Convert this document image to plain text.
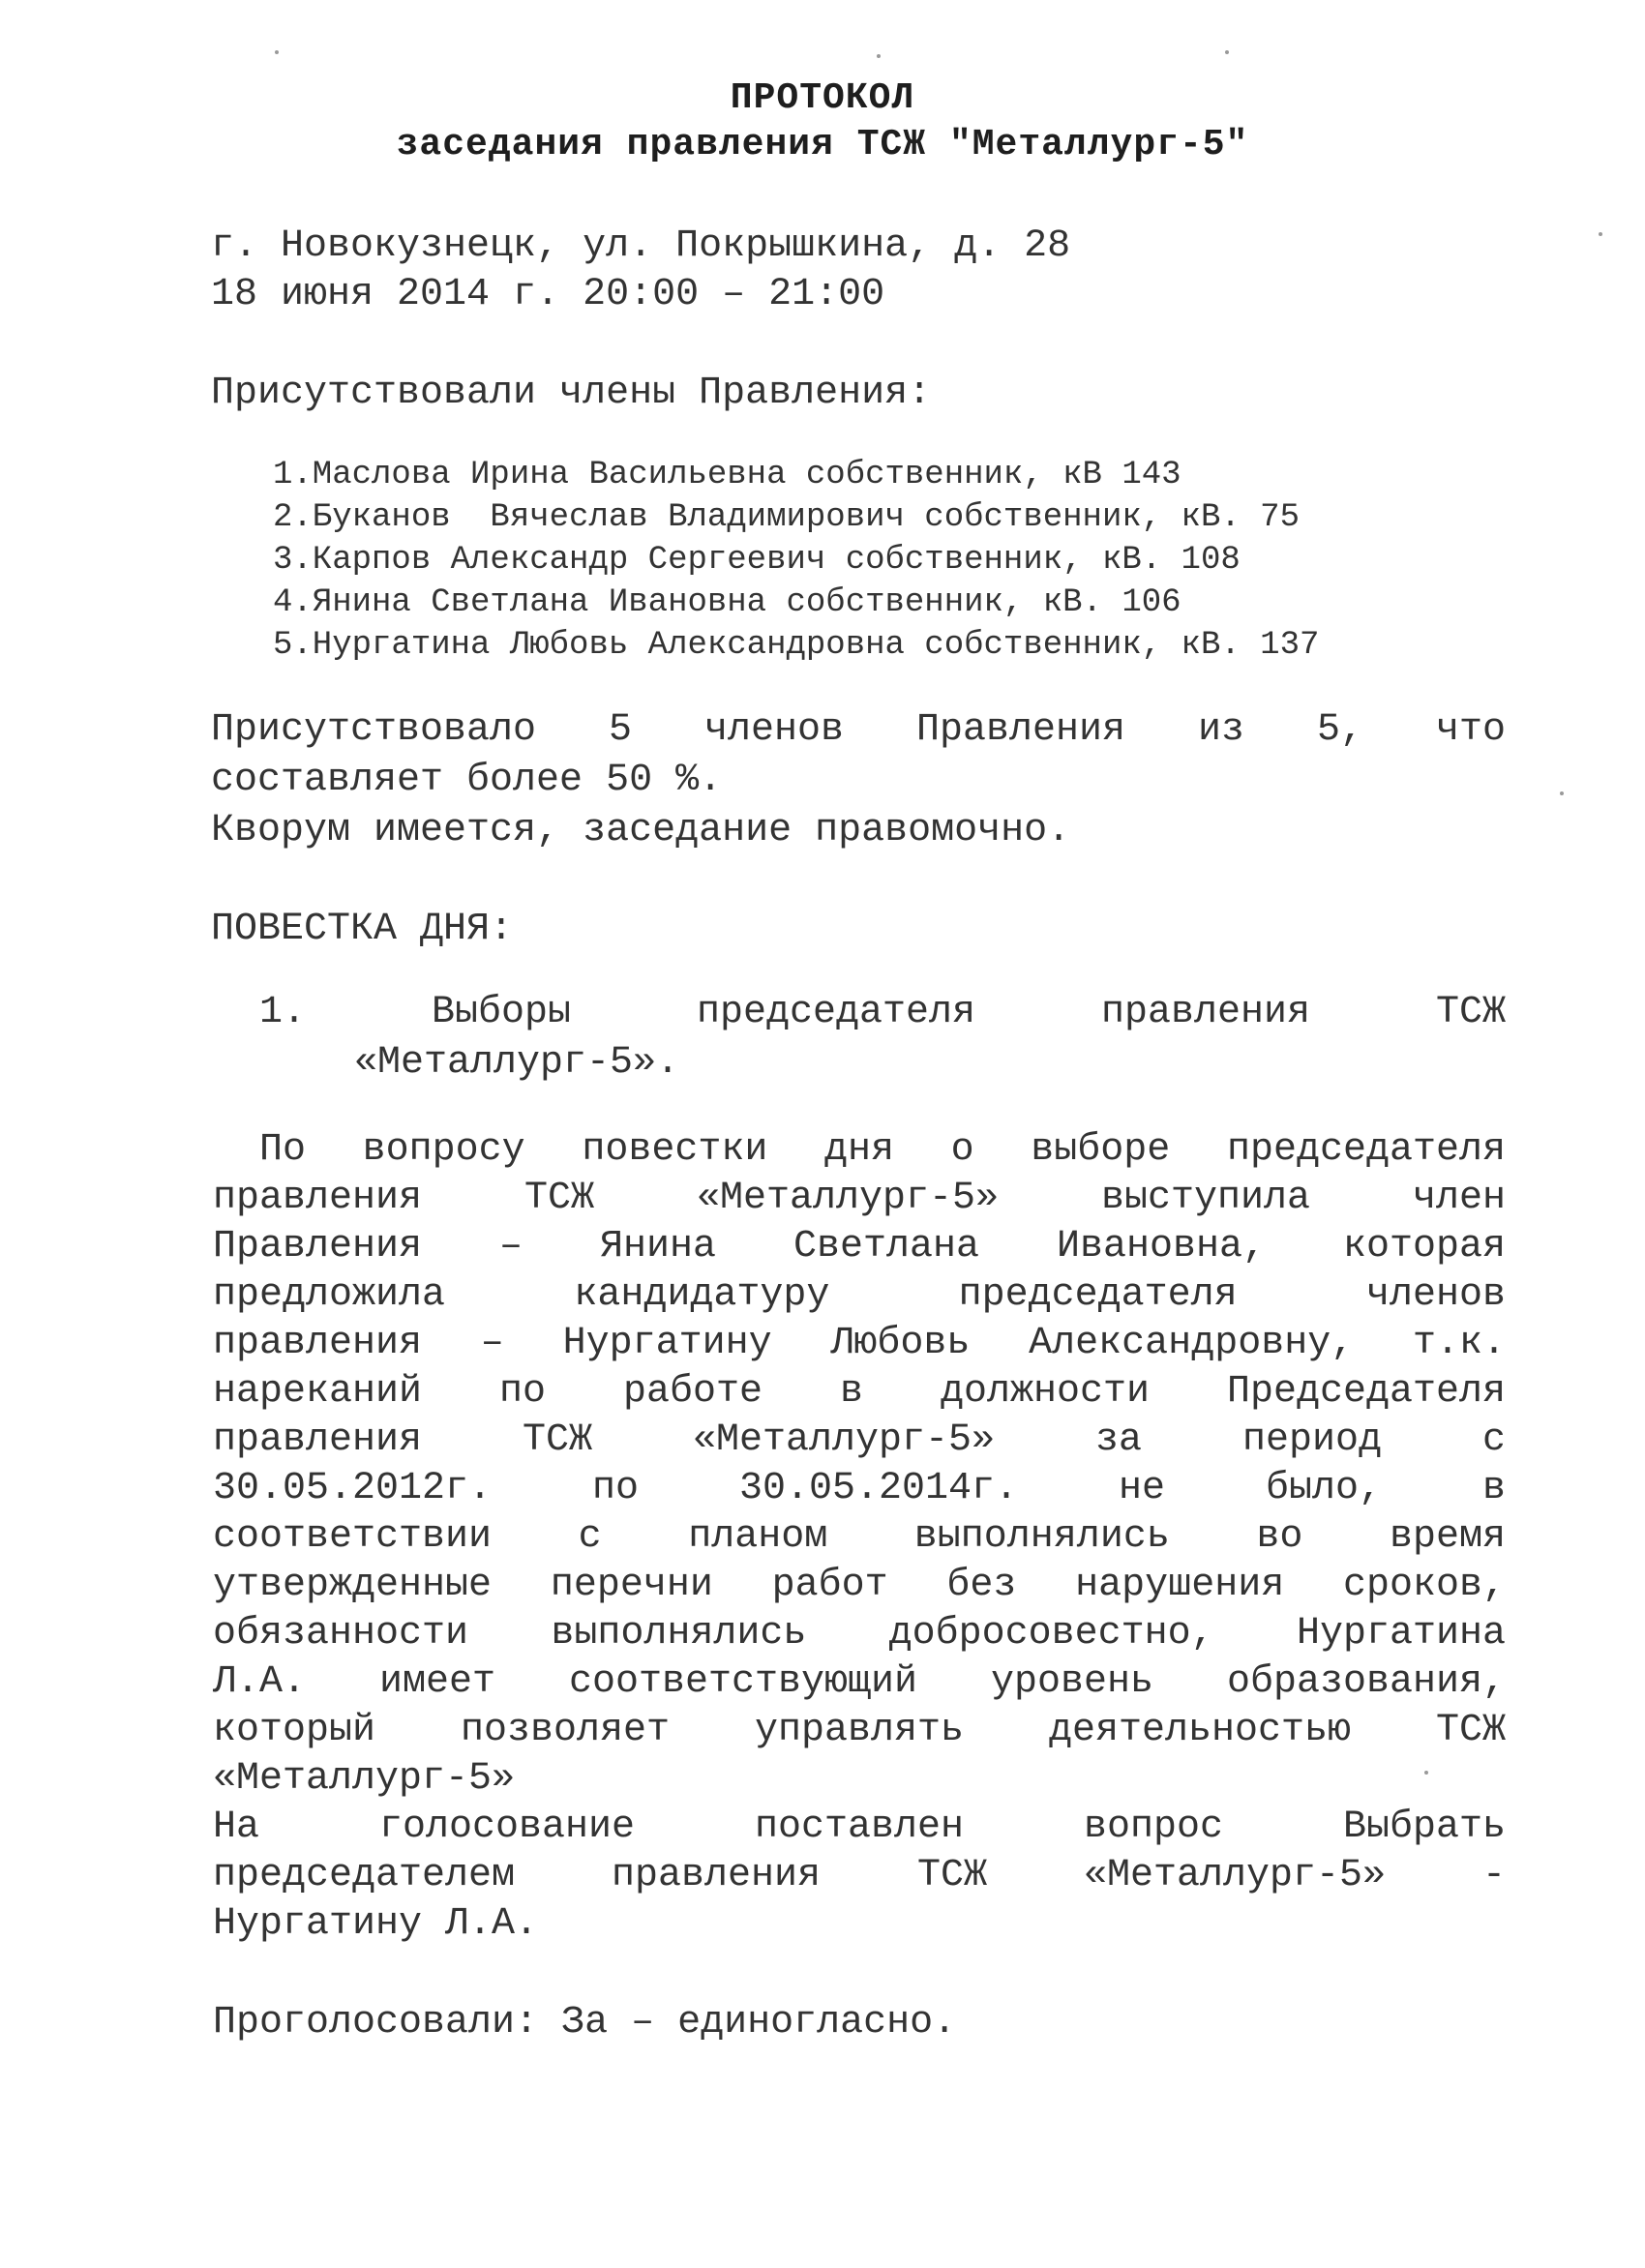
ПРОТОКОЛ
заседания правления ТСЖ "Металлург-5"
г. Новокузнецк, ул. Покрышкина, д. 28
18 июня 2014 г. 20:00 – 21:00
Присутствовали члены Правления:
1.Маслова Ирина Васильевна собственник, кВ 143
2.Буканов  Вячеслав Владимирович собственник, кВ. 75
3.Карпов Александр Сергеевич собственник, кВ. 108
4.Янина Светлана Ивановна собственник, кВ. 106
5.Нургатина Любовь Александровна собственник, кВ. 137
Присутствовало 5 членов Правления из 5, что
составляет более 50 %.
Кворум имеется, заседание правомочно.
ПОВЕСТКА ДНЯ:
1. Выборы председателя правления ТСЖ
«Металлург-5».
По вопросу повестки дня о выборе председателя
правления ТСЖ «Металлург-5» выступила член
Правления – Янина Светлана Ивановна, которая
предложила кандидатуру председателя членов
правления – Нургатину Любовь Александровну, т.к.
нареканий по работе в должности Председателя
правления ТСЖ «Металлург-5» за период с
30.05.2012г. по 30.05.2014г. не было, в
соответствии с планом выполнялись во время
утвержденные перечни работ без нарушения сроков,
обязанности выполнялись добросовестно, Нургатина
Л.А. имеет соответствующий уровень образования,
который позволяет управлять деятельностью ТСЖ
«Металлург-5»
На голосование поставлен вопрос Выбрать
председателем правления ТСЖ «Металлург-5» -
Нургатину Л.А.
Проголосовали: За – единогласно.
